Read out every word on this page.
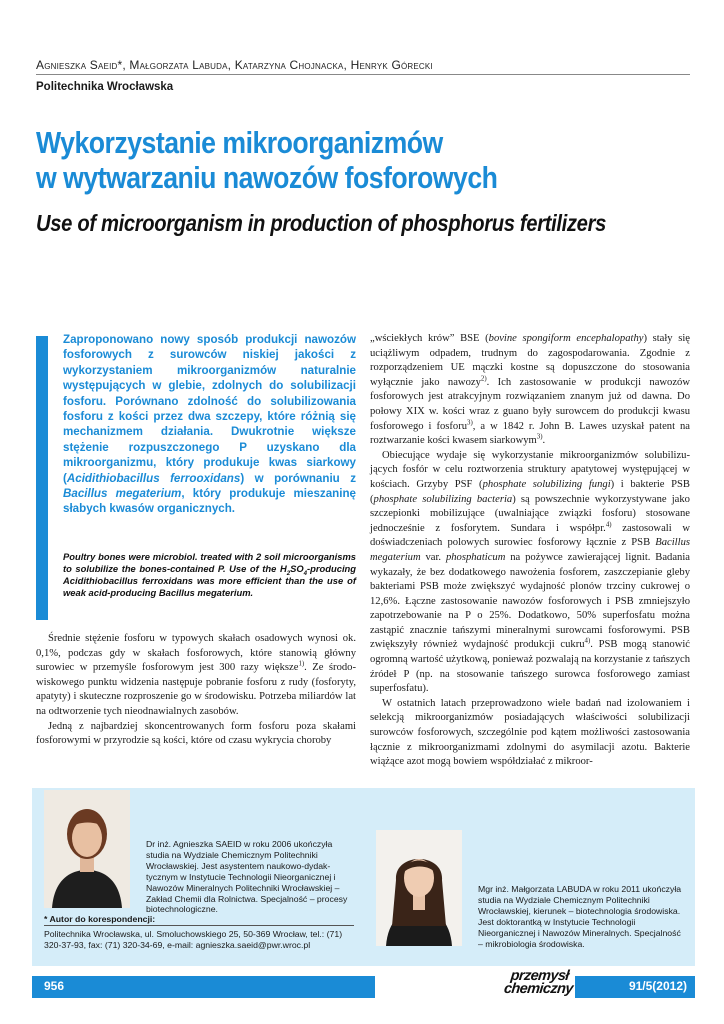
Agnieszka Saeid*, Małgorzata Labuda, Katarzyna Chojnacka, Henryk Górecki
Politechnika Wrocławska
Wykorzystanie mikroorganizmów
w wytwarzaniu nawozów fosforowych
Use of microorganism in production of phosphorus fertilizers
Zaproponowano nowy sposób produkcji nawozów fosforowych z surowców niskiej jakości z wykorzystaniem mikroorganizmów naturalnie występujących w glebie, zdolnych do solubilizacji fosforu. Porównano zdolność do solubilizowania fosforu z kości przez dwa szczepy, które różnią się mechanizmem działania. Dwukrotnie większe stężenie rozpuszczonego P uzyskano dla mikroorganizmu, który produkuje kwas siarkowy (Acidithiobacillus ferrooxidans) w porównaniu z Bacillus megaterium, który produkuje mieszaninę słabych kwasów organicznych.
Poultry bones were microbiol. treated with 2 soil microorganisms to solubilize the bones-contained P. Use of the $H_2SO_4$-producing Acidithiobacillus ferroxidans was more efficient than the use of weak acid-producing Bacillus megaterium.

Średnie stężenie fosforu w typowych skałach osadowych wynosi ok. 0,1%, podczas gdy w skałach fosforowych, które stanowią główny surowiec w przemyśle fosforowym jest 300 razy większe$^{1)}$. Ze środowiskowego punktu widzenia następuje pobranie fosforu z rudy (fosforyty, apatyty) i skuteczne rozproszenie go w środowisku. Potrzeba miliardów lat na odtworzenie tych nieodnawialnych zasobów.

Jedną z najbardziej skoncentrowanych form fosforu poza skałami fosforowymi w przyrodzie są kości, które od czasu wykrycia choroby

„wściekłych krów” BSE (bovine spongiform encephalopathy) stały się uciążliwym odpadem, trudnym do zagospodarowania. Zgodnie z rozporządzeniem UE mączki kostne są dopuszczone do stosowania wyłącznie jako nawozy$^{2)}$. Ich zastosowanie w produkcji nawozów fosforowych jest atrakcyjnym rozwiązaniem znanym już od dawna. Do połowy XIX w. kości wraz z guano były surowcem do produkcji kwasu fosforowego i fosforu$^{3)}$, a w 1842 r. John B. Lawes uzyskał patent na roztwarzanie kości kwasem siarkowym$^{3)}$.

Obiecujące wydaje się wykorzystanie mikroorganizmów solubilizujących fosfór w celu roztworzenia struktury apatytowej występującej w kościach. Grzyby PSF (phosphate solubilizing fungi) i bakterie PSB (phosphate solubilizing bacteria) są powszechnie wykorzystywane jako szczepionki mobilizujące (uwalniające związki fosforu) stosowane jednocześnie z fosforytem. Sundara i współpr.$^{4)}$ zastosowali w doświadczeniach polowych surowiec fosforowy łącznie z PSB Bacillus megaterium var. phosphaticum na pożywce zawierającej lignit. Badania wykazały, że bez dodatkowego nawożenia fosforem, zaszczepianie gleby bakteriami PSB może zwiększyć wydajność plonów trzciny cukrowej o 12,6%. Łączne zastosowanie nawozów fosforowych i PSB zmniejszyło zapotrzebowanie na P o 25%. Dodatkowo, 50% superfosfatu można zastąpić znacznie tańszymi mineralnymi surowcami fosforowymi. PSB zwiększyły również wydajność produkcji cukru$^{4)}$. PSB mogą stanowić ogromną wartość użytkową, ponieważ pozwalają na korzystanie z tańszych źródeł P (np. na stosowanie tańszego surowca fosforowego zamiast superfosfatu).

W ostatnich latach przeprowadzono wiele badań nad izolowaniem i selekcją mikroorganizmów posiadających właściwości solubilizacji surowców fosforowych, szczególnie pod kątem możliwości zastosowania łącznie z mikroorganizmami zdolnymi do asymilacji azotu. Bakterie wiążące azot mogą bowiem współdziałać z mikroor-

Dr inż. Agnieszka SAEID w roku 2006 ukończyła studia na Wydziale Chemicznym Politechniki Wrocławskiej. Jest asystentem naukowo-dydaktycznym w Instytucie Technologii Nieorganicznej i Nawozów Mineralnych Politechniki Wrocławskiej – Zakład Chemii dla Rolnictwa. Specjalność – procesy biotechnologiczne.
* Autor do korespondencji:
Politechnika Wrocławska, ul. Smoluchowskiego 25, 50-369 Wrocław, tel.: (71) 320-37-93, fax: (71) 320-34-69, e-mail: agnieszka.saeid@pwr.wroc.pl
Mgr inż. Małgorzata LABUDA w roku 2011 ukończyła studia na Wydziale Chemicznym Politechniki Wrocławskiej, kierunek – biotechnologia środowiska. Jest doktorantką w Instytucie Technologii Nieorganicznej i Nawozów Mineralnych. Specjalność – mikrobiologia środowiska.
956
przemysł
chemiczny	91/5(2012)
